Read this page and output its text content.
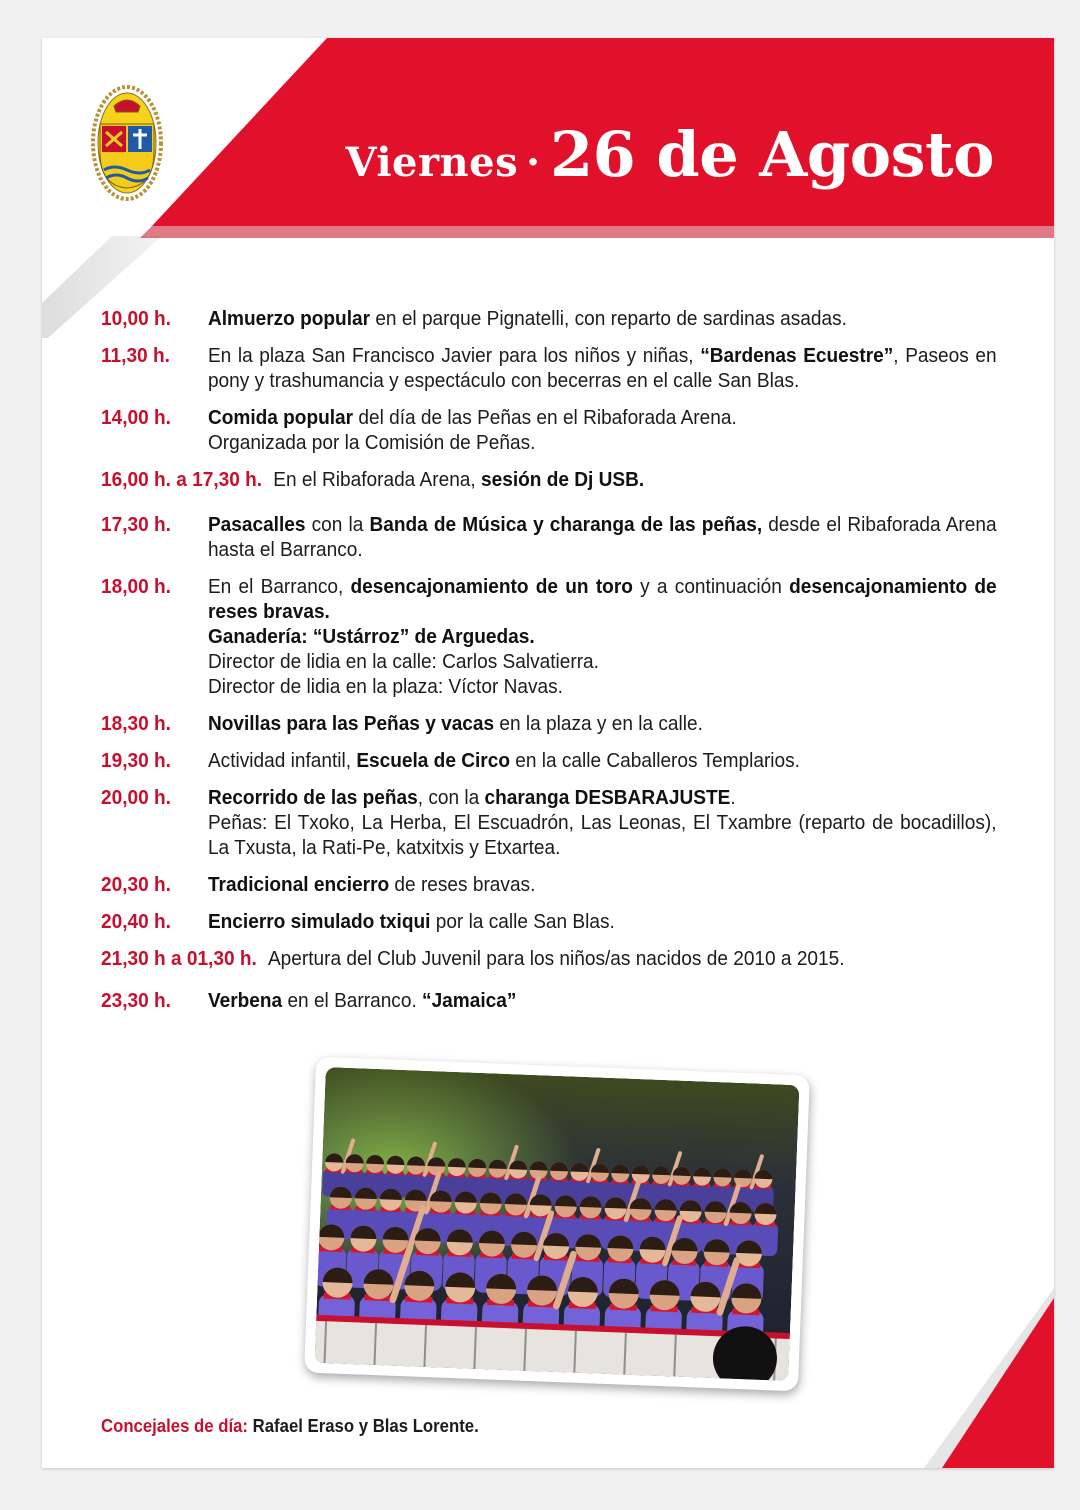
Viernes · 26 de Agosto
10,00 h.	Almuerzo popular en el parque Pignatelli, con reparto de sardinas asadas.
11,30 h.	En la plaza San Francisco Javier para los niños y niñas, “Bardenas Ecuestre”, Paseos en pony y trashumancia y espectáculo con becerras en el calle San Blas.
14,00 h.	Comida popular del día de las Peñas en el Ribaforada Arena.
Organizada por la Comisión de Peñas.
16,00 h. a 17,30 h. En el Ribaforada Arena, sesión de Dj USB.
17,30 h.	Pasacalles con la Banda de Música y charanga de las peñas, desde el Ribaforada Arena hasta el Barranco.
18,00 h.	En el Barranco, desencajonamiento de un toro y a continuación desencajonamiento de reses bravas.
Ganadería: “Ustárroz” de Arguedas.
Director de lidia en la calle: Carlos Salvatierra.
Director de lidia en la plaza: Víctor Navas.
18,30 h.	Novillas para las Peñas y vacas en la plaza y en la calle.
19,30 h.	Actividad infantil, Escuela de Circo en la calle Caballeros Templarios.
20,00 h.	Recorrido de las peñas, con la charanga DESBARAJUSTE.
Peñas: El Txoko, La Herba, El Escuadrón, Las Leonas, El Txambre (reparto de bocadillos), La Txusta, la Rati-Pe, katxitxis y Etxartea.
20,30 h.	Tradicional encierro de reses bravas.
20,40 h.	Encierro simulado txiqui por la calle San Blas.
21,30 h a 01,30 h. Apertura del Club Juvenil para los niños/as nacidos de 2010 a 2015.
23,30 h.	Verbena en el Barranco. “Jamaica”
Concejales de día: Rafael Eraso y Blas Lorente.
